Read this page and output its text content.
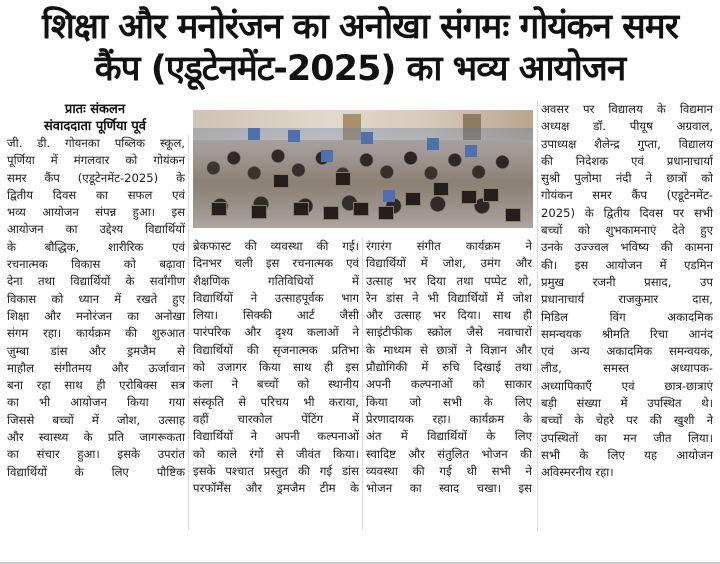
शिक्षा और मनोरंजन का अनोखा संगमः गोयंकन समर
कैंप (एडूटेनमेंट-2025) का भव्य आयोजन
प्रातः संकलन
संवाददाता पूर्णिया पूर्व
जी. डी. गोयनका पब्लिक स्कूल,
पूर्णिया में मंगलवार को गोयंकन
समर कैंप (एडूटेनमेंट-2025) के
द्वितीय दिवस का सफल एवं
भव्य आयोजन संपन्न हुआ। इस
आयोजन का उद्देश्य विद्यार्थियों
के बौद्धिक, शारीरिक एवं
रचनात्मक विकास को बढ़ावा
देना तथा विद्यार्थियों के सर्वांगीण
विकास को ध्यान में रखते हुए
शिक्षा और मनोरंजन का अनोखा
संगम रहा। कार्यक्रम की शुरुआत
ज़ुम्बा डांस और ड्रमजैम से
माहौल संगीतमय और ऊर्जावान
बना रहा साथ ही एरोबिक्स सत्र
का भी आयोजन किया गया
जिससे बच्चों में जोश, उत्साह
और स्वास्थ्य के प्रति जागरूकता
का संचार हुआ। इसके उपरांत
विद्यार्थियों के लिए पौष्टिक
ब्रेकफास्ट की व्यवस्था की गई।
दिनभर चली इस रचनात्मक एवं
शैक्षणिक गतिविधियों में
विद्यार्थियों ने उत्साहपूर्वक भाग
लिया। सिक्की आर्ट जैसी
पारंपरिक और दृश्य कलाओं ने
विद्यार्थियों की सृजनात्मक प्रतिभा
को उजागर किया साथ ही इस
कला ने बच्चों को स्थानीय
संस्कृति से परिचय भी कराया,
वहीं चारकोल पेंटिंग में
विद्यार्थियों ने अपनी कल्पनाओं
को काले रंगों से जीवंत किया।
इसके पश्चात प्रस्तुत की गई डांस
परफॉर्मेंस और ड्रमजैम टीम के
रंगारंग संगीत कार्यक्रम ने
विद्यार्थियों में जोश, उमंग और
उत्साह भर दिया तथा पप्पेट शो,
रेन डांस ने भी विद्यार्थियों में जोश
और उत्साह भर दिया। साथ ही
साइंटीफीक स्क्रोल जैसे नवाचारों
के माध्यम से छात्रों ने विज्ञान और
प्रौद्योगिकी में रुचि दिखाई तथा
अपनी कल्पनाओं को साकार
किया जो सभी के लिए
प्रेरणादायक रहा। कार्यक्रम के
अंत में विद्यार्थियों के लिए
स्वादिष्ट और संतुलित भोजन की
व्यवस्था की गई थी सभी ने
भोजन का स्वाद चखा। इस
अवसर पर विद्यालय के विद्यमान
अध्यक्ष डॉ. पीयूष अग्रवाल,
उपाध्यक्ष शैलेन्द्र गुप्ता, विद्यालय
की निदेशक एवं प्रधानाचार्या
सुश्री पुलोमा नंदी ने छात्रों को
गोयंकन समर कैंप (एडूटेनमेंट-
2025) के द्वितीय दिवस पर सभी
बच्चों को शुभकामनाएं देते हुए
उनके उज्ज्वल भविष्य की कामना
की। इस आयोजन में एडमिन
प्रमुख रजनी प्रसाद, उप
प्रधानाचार्य राजकुमार दास,
मिडिल विंग अकादमिक
समन्वयक श्रीमति रिचा आनंद
एवं अन्य अकादमिक समन्वयक,
लीड, समस्त अध्यापक-
अध्यापिकाएँ एवं छात्र-छात्राएं
बड़ी संख्या में उपस्थित थे।
बच्चों के चेहरे पर की खुशी ने
उपस्थितों का मन जीत लिया।
सभी के लिए यह आयोजन
अविस्मरनीय रहा।
